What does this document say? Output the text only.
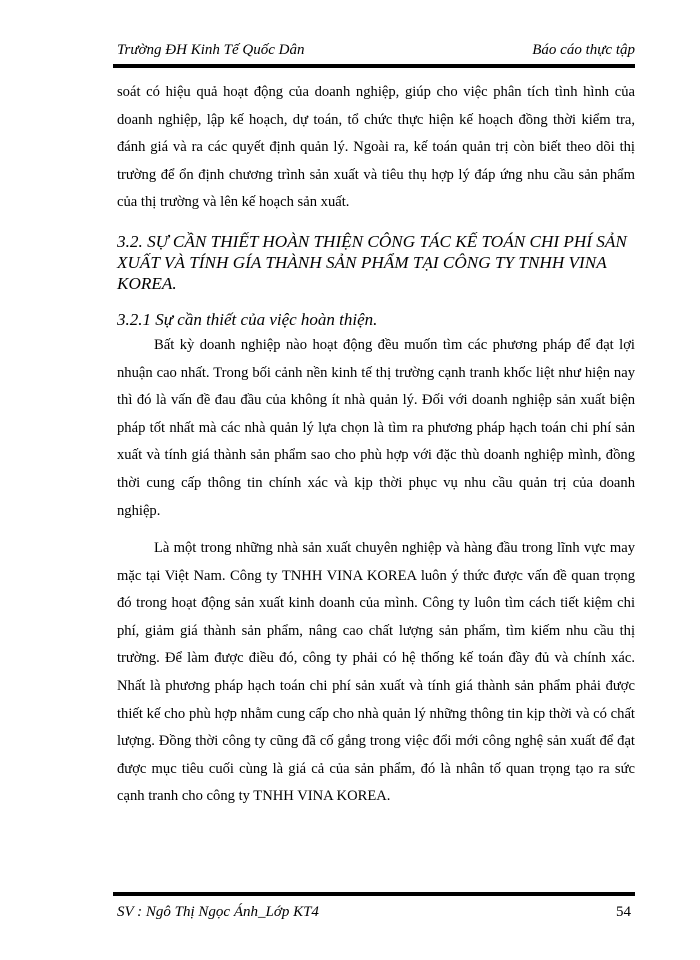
Trường ĐH Kinh Tế Quốc Dân	Báo cáo thực tập
soát có hiệu quả hoạt động của doanh nghiệp, giúp cho việc phân tích tình hình của doanh nghiệp, lập kế hoạch, dự toán, tổ chức thực hiện kế hoạch đồng thời kiểm tra, đánh giá và ra các quyết định quản lý. Ngoài ra, kế toán quản trị còn biết theo dõi thị trường để ổn định chương trình sản xuất và tiêu thụ hợp lý đáp ứng nhu cầu sản phẩm của thị trường và lên kế hoạch sản xuất.
3.2. SỰ CẦN THIẾT HOÀN THIỆN CÔNG TÁC KẾ TOÁN CHI PHÍ SẢN XUẤT VÀ TÍNH GÍA THÀNH SẢN PHẨM TẠI CÔNG TY TNHH VINA KOREA.
3.2.1 Sự cần thiết của việc hoàn thiện.
Bất kỳ doanh nghiệp nào hoạt động đều muốn tìm các phương pháp để đạt lợi nhuận cao nhất. Trong bối cảnh nền kinh tế thị trường cạnh tranh khốc liệt như hiện nay thì đó là vấn đề đau đầu của không ít nhà quản lý. Đối với doanh nghiệp sản xuất biện pháp tốt nhất mà các nhà quản lý lựa chọn là tìm ra phương pháp hạch toán chi phí sản xuất và tính giá thành sản phẩm sao cho phù hợp với đặc thù doanh nghiệp mình, đồng thời cung cấp thông tin chính xác và kịp thời phục vụ nhu cầu quản trị của doanh nghiệp.
Là một trong những nhà sản xuất chuyên nghiệp và hàng đầu trong lĩnh vực may mặc tại Việt Nam. Công ty TNHH VINA KOREA luôn ý thức được vấn đề quan trọng đó trong hoạt động sản xuất kinh doanh của mình. Công ty luôn tìm cách tiết kiệm chi phí, giảm giá thành sản phẩm, nâng cao chất lượng sản phẩm, tìm kiếm nhu cầu thị trường. Để làm được điều đó, công ty phải có hệ thống kế toán đầy đủ và chính xác. Nhất là phương pháp hạch toán chi phí sản xuất và tính giá thành sản phẩm phải được thiết kế cho phù hợp nhằm cung cấp cho nhà quản lý những thông tin kịp thời và có chất lượng. Đồng thời công ty cũng đã cố gắng trong việc đổi mới công nghệ sản xuất để đạt được mục tiêu cuối cùng là giá cả của sản phẩm, đó là nhân tố quan trọng tạo ra sức cạnh tranh cho công ty TNHH VINA KOREA.
SV : Ngô Thị Ngọc Ánh_Lớp KT4	54
